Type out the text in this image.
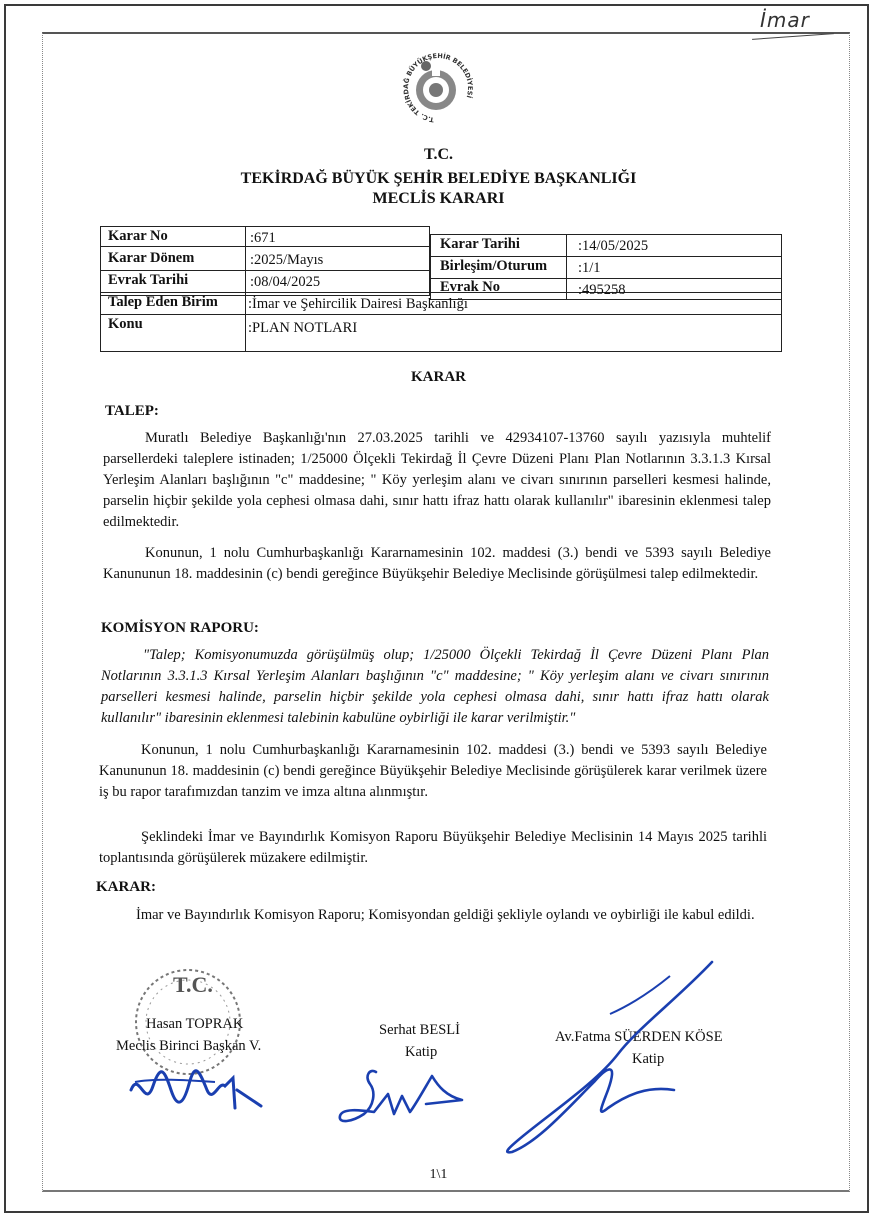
İmar
T.C. TEKİRDAĞ BÜYÜKŞEHİR BELEDİYESİ
T.C.
TEKİRDAĞ BÜYÜK ŞEHİR BELEDİYE BAŞKANLIĞI
MECLİS KARARI
Karar No	:671
Karar Dönem	:2025/Mayıs
Evrak Tarihi	:08/04/2025
Talep Eden Birim :İmar ve Şehircilik Dairesi Başkanlığı
Konu	:PLAN NOTLARI
Karar Tarihi	:14/05/2025
Birleşim/Oturum :1/1
Evrak No	:495258
KARAR
TALEP:
Muratlı Belediye Başkanlığı'nın 27.03.2025 tarihli ve 42934107-13760 sayılı yazısıyla muhtelif parsellerdeki taleplere istinaden; 1/25000 Ölçekli Tekirdağ İl Çevre Düzeni Planı Plan Notlarının 3.3.1.3 Kırsal Yerleşim Alanları başlığının "c" maddesine; " Köy yerleşim alanı ve civarı sınırının parselleri kesmesi halinde, parselin hiçbir şekilde yola cephesi olmasa dahi, sınır hattı ifraz hattı olarak kullanılır" ibaresinin eklenmesi talep edilmektedir.
Konunun, 1 nolu Cumhurbaşkanlığı Kararnamesinin 102. maddesi (3.) bendi ve 5393 sayılı Belediye Kanununun 18. maddesinin (c) bendi gereğince Büyükşehir Belediye Meclisinde görüşülmesi talep edilmektedir.
KOMİSYON RAPORU:
"Talep; Komisyonumuzda görüşülmüş olup; 1/25000 Ölçekli Tekirdağ İl Çevre Düzeni Planı Plan Notlarının 3.3.1.3 Kırsal Yerleşim Alanları başlığının "c" maddesine; " Köy yerleşim alanı ve civarı sınırının parselleri kesmesi halinde, parselin hiçbir şekilde yola cephesi olmasa dahi, sınır hattı ifraz hattı olarak kullanılır" ibaresinin eklenmesi talebinin kabulüne oybirliği ile karar verilmiştir."
Konunun, 1 nolu Cumhurbaşkanlığı Kararnamesinin 102. maddesi (3.) bendi ve 5393 sayılı Belediye Kanununun 18. maddesinin (c) bendi gereğince Büyükşehir Belediye Meclisinde görüşülerek karar verilmek üzere iş bu rapor tarafımızdan tanzim ve imza altına alınmıştır.
Şeklindeki İmar ve Bayındırlık Komisyon Raporu Büyükşehir Belediye Meclisinin 14 Mayıs 2025 tarihli toplantısında görüşülerek müzakere edilmiştir.
KARAR:
İmar ve Bayındırlık Komisyon Raporu; Komisyondan geldiği şekliyle oylandı ve oybirliği ile kabul edildi.
T.C.
Hasan TOPRAK
Meclis Birinci Başkan V.
Serhat BESLİ
Katip
Av.Fatma SÜERDEN KÖSE
Katip
1\1
